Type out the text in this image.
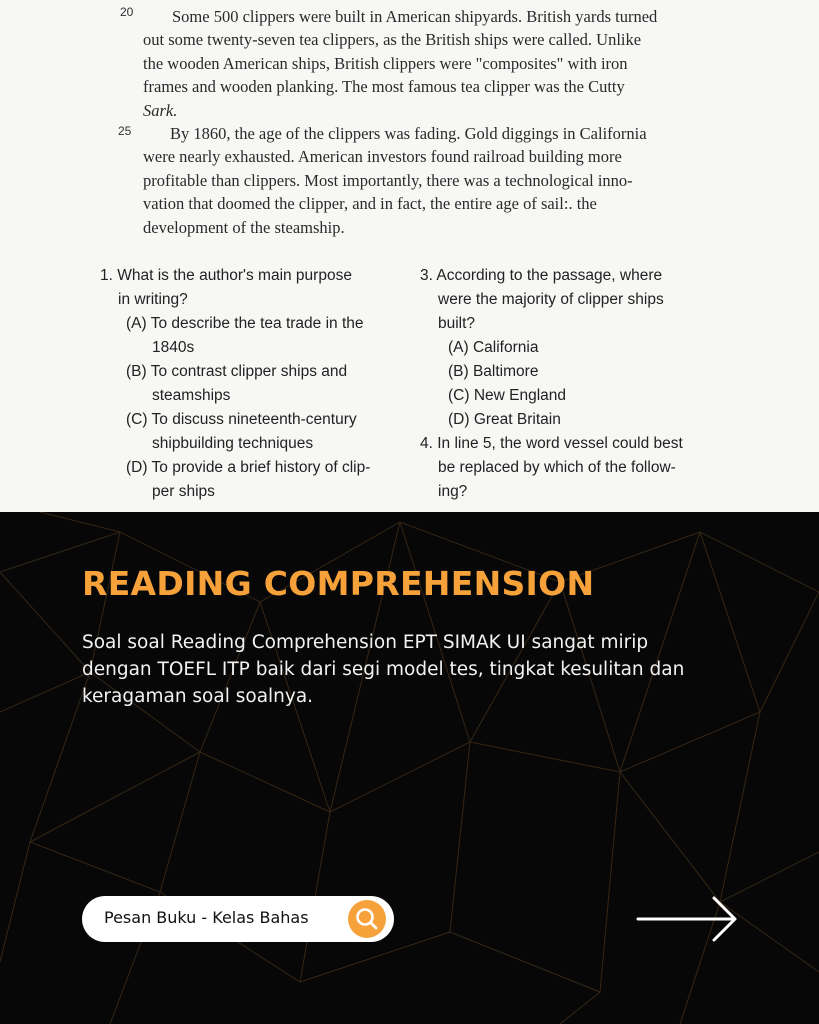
20	Some 500 clippers were built in American shipyards. British yards turned
out some twenty-seven tea clippers, as the British ships were called. Unlike
the wooden American ships, British clippers were "composites" with iron
frames and wooden planking. The most famous tea clipper was the Cutty
Sark.
25	By 1860, the age of the clippers was fading. Gold diggings in California
were nearly exhausted. American investors found railroad building more
profitable than clippers. Most importantly, there was a technological inno-
vation that doomed the clipper, and in fact, the entire age of sail:. the
development of the steamship.
1. What is the author's main purpose
in writing?
(A) To describe the tea trade in the
1840s
(B) To contrast clipper ships and
steamships
(C) To discuss nineteenth-century
shipbuilding techniques
(D) To provide a brief history of clip-
per ships
3. According to the passage, where
were the majority of clipper ships
built?
(A) California
(B) Baltimore
(C) New England
(D) Great Britain
4. In line 5, the word vessel could best
be replaced by which of the follow-
ing?
READING COMPREHENSION
Soal soal Reading Comprehension EPT SIMAK UI sangat mirip dengan TOEFL ITP baik dari segi model tes, tingkat kesulitan dan keragaman soal soalnya.
Pesan Buku - Kelas Bahas
